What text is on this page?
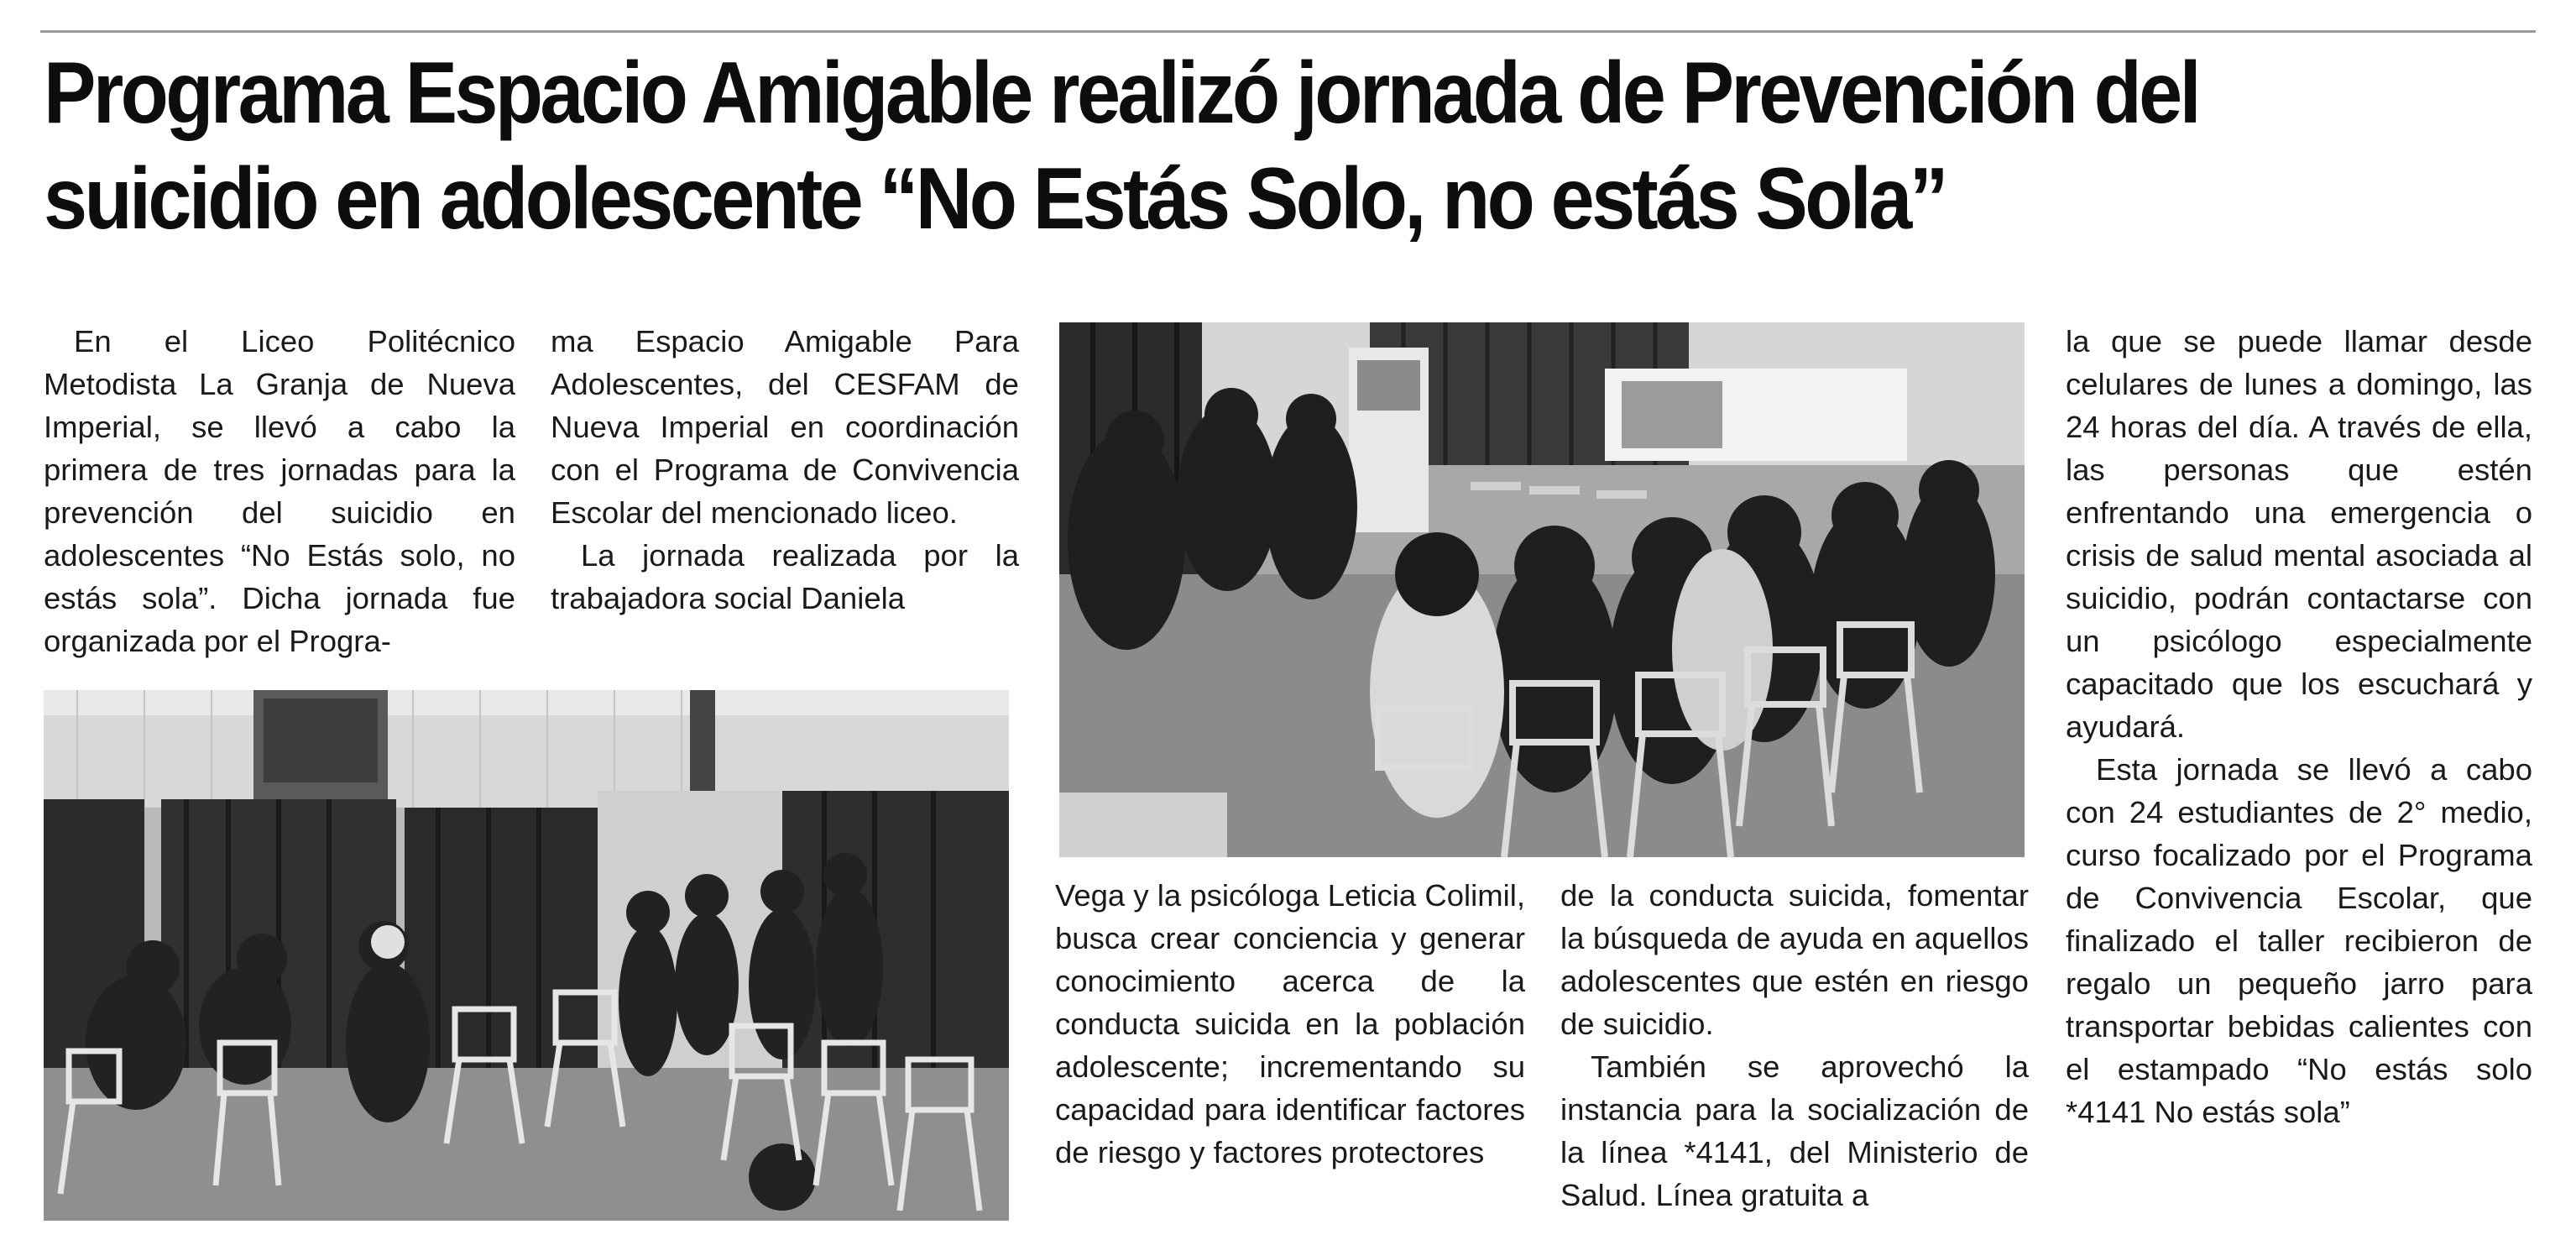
Programa Espacio Amigable realizó jornada de Prevención del
suicidio en adolescente “No Estás Solo, no estás Sola”

En el Liceo Politécnico Metodista La Granja de Nueva Imperial, se llevó a cabo la primera de tres jornadas para la prevención del suicidio en adolescentes “No Estás solo, no estás sola”. Dicha jornada fue organizada por el Progra-

ma Espacio Amigable Para Adolescentes, del CESFAM de Nueva Imperial en coordinación con el Programa de Convivencia Escolar del mencionado liceo.

La jornada realizada por la trabajadora social Daniela

Vega y la psicóloga Leticia Colimil, busca crear conciencia y generar conocimiento acerca de la conducta suicida en la población adolescente; incrementando su capacidad para identificar factores de riesgo y factores protectores

de la conducta suicida, fomentar la búsqueda de ayuda en aquellos adolescentes que estén en riesgo de suicidio.

También se aprovechó la instancia para la socialización de la línea *4141, del Ministerio de Salud. Línea gratuita a

la que se puede llamar desde celulares de lunes a domingo, las 24 horas del día. A través de ella, las personas que estén enfrentando una emergencia o crisis de salud mental asociada al suicidio, podrán contactarse con un psicólogo especialmente capacitado que los escuchará y ayudará.

Esta jornada se llevó a cabo con 24 estudiantes de 2° medio, curso focalizado por el Programa de Convivencia Escolar, que finalizado el taller recibieron de regalo un pequeño jarro para transportar bebidas calientes con el estampado “No estás solo *4141 No estás sola”
